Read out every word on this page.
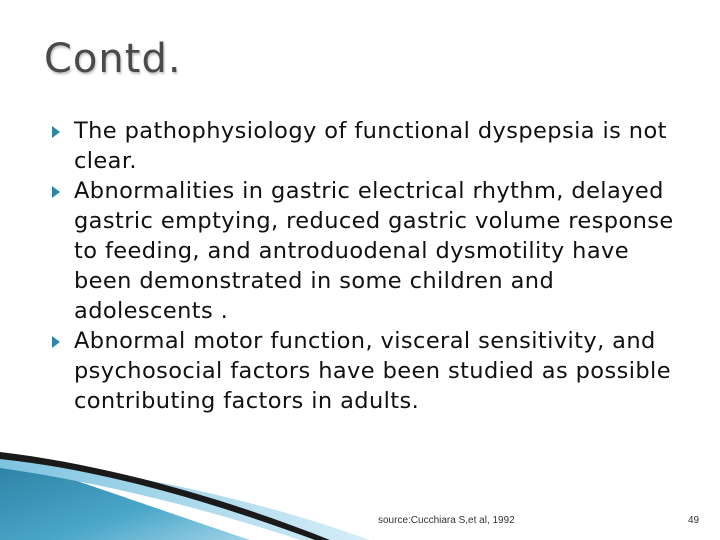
Contd.
The pathophysiology of functional dyspepsia is not clear.
Abnormalities in gastric electrical rhythm, delayed gastric emptying, reduced gastric volume response to feeding, and antroduodenal dysmotility have been demonstrated in some children and adolescents .
Abnormal motor function, visceral sensitivity, and psychosocial factors have been studied as possible contributing factors in adults.
source:Cucchiara S,et al, 1992	49
